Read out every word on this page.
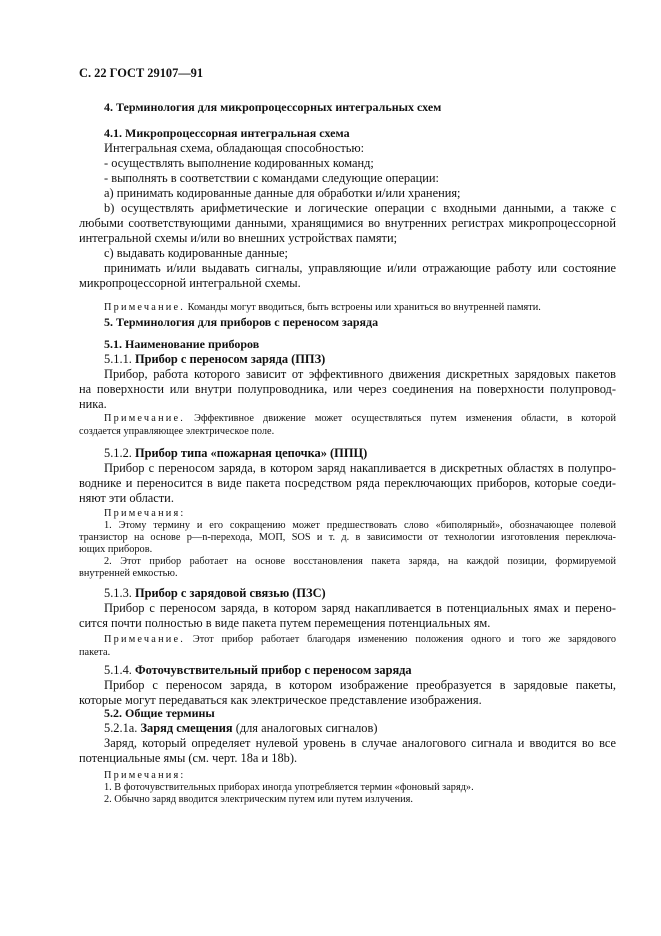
С. 22 ГОСТ 29107—91
4. Терминология для микропроцессорных интегральных схем
4.1. Микропроцессорная интегральная схема
Интегральная схема, обладающая способностью:
- осуществлять выполнение кодированных команд;
- выполнять в соответствии с командами следующие операции:
а) принимать кодированные данные для обработки и/или хранения;
b) осуществлять арифметические и логические операции с входными данными, а также с
любыми соответствующими данными, хранящимися во внутренних регистрах микропроцессорной
интегральной схемы и/или во внешних устройствах памяти;
с) выдавать кодированные данные;
принимать и/или выдавать сигналы, управляющие и/или отражающие работу или состояние
микропроцессорной интегральной схемы.
Примечание. Команды могут вводиться, быть встроены или храниться во внутренней памяти.
5. Терминология для приборов с переносом заряда
5.1. Наименование приборов
5.1.1. Прибор с переносом заряда (ППЗ)
Прибор, работа которого зависит от эффективного движения дискретных зарядовых пакетов
на поверхности или внутри полупроводника, или через соединения на поверхности полупровод-
ника.
Примечание. Эффективное движение может осуществляться путем изменения области, в которой
создается управляющее электрическое поле.
5.1.2. Прибор типа «пожарная цепочка» (ППЦ)
Прибор с переносом заряда, в котором заряд накапливается в дискретных областях в полупро-
воднике и переносится в виде пакета посредством ряда переключающих приборов, которые соеди-
няют эти области.
Примечания:
1. Этому термину и его сокращению может предшествовать слово «биполярный», обозначающее полевой
транзистор на основе p—n-перехода, МОП, SOS и т. д. в зависимости от технологии изготовления переключа-
ющих приборов.
2. Этот прибор работает на основе восстановления пакета заряда, на каждой позиции, формируемой
внутренней емкостью.
5.1.3. Прибор с зарядовой связью (ПЗС)
Прибор с переносом заряда, в котором заряд накапливается в потенциальных ямах и перено-
сится почти полностью в виде пакета путем перемещения потенциальных ям.
Примечание. Этот прибор работает благодаря изменению положения одного и того же зарядового
пакета.
5.1.4. Фоточувствительный прибор с переносом заряда
Прибор с переносом заряда, в котором изображение преобразуется в зарядовые пакеты,
которые могут передаваться как электрическое представление изображения.
5.2. Общие термины
5.2.1а. Заряд смещения (для аналоговых сигналов)
Заряд, который определяет нулевой уровень в случае аналогового сигнала и вводится во все
потенциальные ямы (см. черт. 18а и 18b).
Примечания:
1. В фоточувствительных приборах иногда употребляется термин «фоновый заряд».
2. Обычно заряд вводится электрическим путем или путем излучения.
